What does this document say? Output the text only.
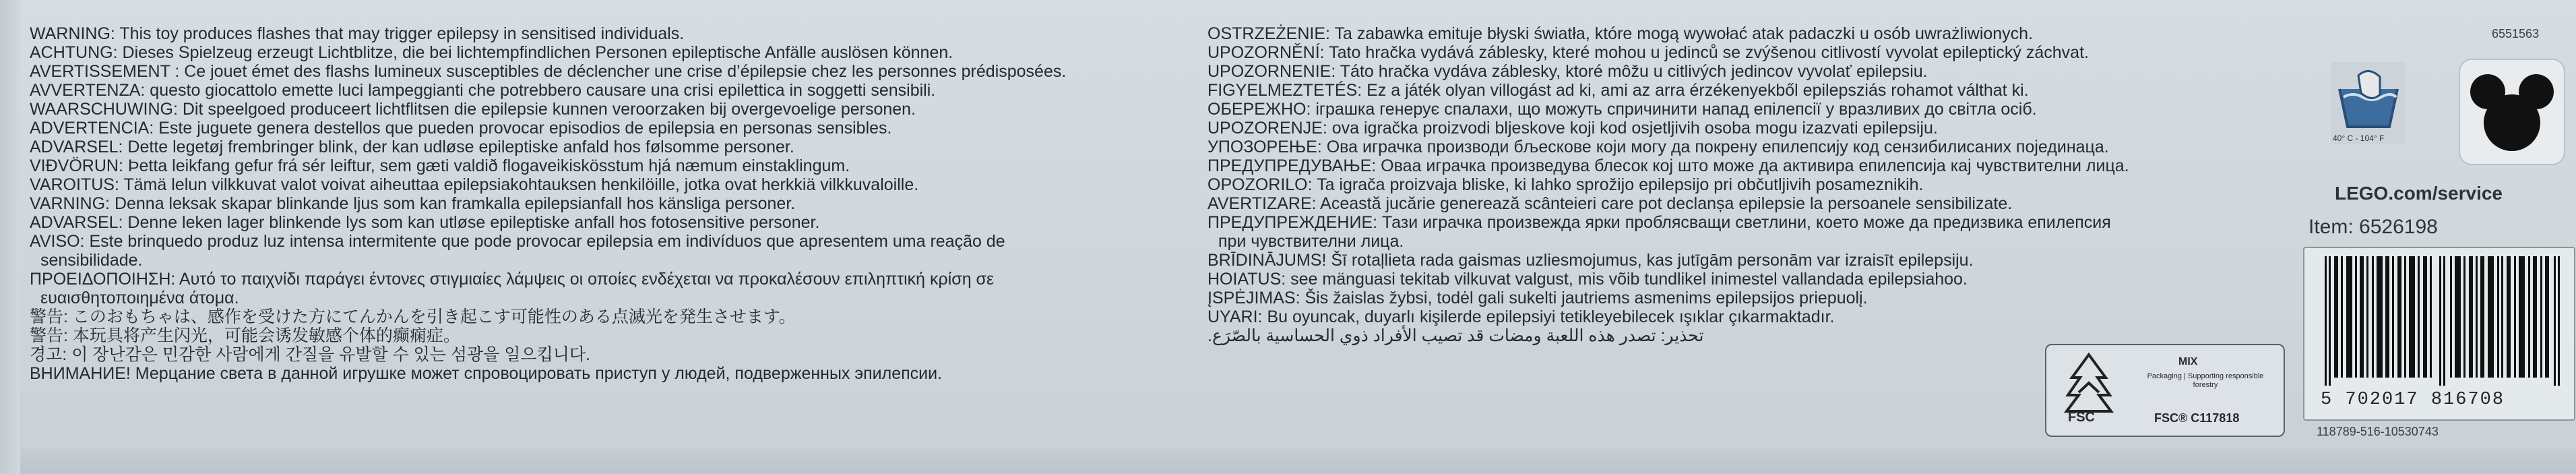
WARNING: This toy produces flashes that may trigger epilepsy in sensitised individuals.
ACHTUNG: Dieses Spielzeug erzeugt Lichtblitze, die bei lichtempfindlichen Personen epileptische Anfälle auslösen können.
AVERTISSEMENT : Ce jouet émet des flashs lumineux susceptibles de déclencher une crise d’épilepsie chez les personnes prédisposées.
AVVERTENZA: questo giocattolo emette luci lampeggianti che potrebbero causare una crisi epilettica in soggetti sensibili.
WAARSCHUWING: Dit speelgoed produceert lichtflitsen die epilepsie kunnen veroorzaken bij overgevoelige personen.
ADVERTENCIA: Este juguete genera destellos que pueden provocar episodios de epilepsia en personas sensibles.
ADVARSEL: Dette legetøj frembringer blink, der kan udløse epileptiske anfald hos følsomme personer.
VIÐVÖRUN: Þetta leikfang gefur frá sér leiftur, sem gæti valdið flogaveikiskösstum hjá næmum einstaklingum.
VAROITUS: Tämä lelun vilkkuvat valot voivat aiheuttaa epilepsiakohtauksen henkilöille, jotka ovat herkkiä vilkkuvaloille.
VARNING: Denna leksak skapar blinkande ljus som kan framkalla epilepsianfall hos känsliga personer.
ADVARSEL: Denne leken lager blinkende lys som kan utløse epileptiske anfall hos fotosensitive personer.
AVISO: Este brinquedo produz luz intensa intermitente que pode provocar epilepsia em indivíduos que apresentem uma reação de
sensibilidade.
ΠΡΟΕΙΔΟΠΟΙΗΣΗ: Αυτό το παιχνίδι παράγει έντονες στιγμιαίες λάμψεις οι οποίες ενδέχεται να προκαλέσουν επιληπτική κρίση σε
ευαισθητοποιημένα άτομα.
警告: このおもちゃは、感作を受けた方にてんかんを引き起こす可能性のある点滅光を発生させます。
警告: 本玩具将产生闪光，可能会诱发敏感个体的癫痫症。
경고: 이 장난감은 민감한 사람에게 간질을 유발할 수 있는 섬광을 일으킵니다.
ВНИМАНИЕ! Мерцание света в данной игрушке может спровоцировать приступ у людей, подверженных эпилепсии.
OSTRZEŻENIE: Ta zabawka emituje błyski światła, które mogą wywołać atak padaczki u osób uwrażliwionych.
UPOZORNĚNÍ: Tato hračka vydává záblesky, které mohou u jedinců se zvýšenou citlivostí vyvolat epileptický záchvat.
UPOZORNENIE: Táto hračka vydáva záblesky, ktoré môžu u citlivých jedincov vyvolať epilepsiu.
FIGYELMEZTETÉS: Ez a játék olyan villogást ad ki, ami az arra érzékenyekből epilepsziás rohamot válthat ki.
ОБЕРЕЖНО: іграшка генерує спалахи, що можуть спричинити напад епілепсії у вразливих до світла осіб.
UPOZORENJE: ova igračka proizvodi bljeskove koji kod osjetljivih osoba mogu izazvati epilepsiju.
УПОЗОРЕЊЕ: Ова играчка производи бљескове који могу да покрену епилепсију код сензибилисаних појединаца.
ПРЕДУПРЕДУВАЊЕ: Оваа играчка произведува блесок кој што може да активира епилепсија кај чувствителни лица.
OPOZORILO: Ta igrača proizvaja bliske, ki lahko sprožijo epilepsijo pri občutljivih posameznikih.
AVERTIZARE: Această jucărie generează scânteieri care pot declanșa epilepsie la persoanele sensibilizate.
ПРЕДУПРЕЖДЕНИЕ: Тази играчка произвежда ярки проблясващи светлини, което може да предизвика епилепсия
при чувствителни лица.
BRĪDINĀJUMS! Šī rotaļlieta rada gaismas uzliesmojumus, kas jutīgām personām var izraisīt epilepsiju.
HOIATUS: see mänguasi tekitab vilkuvat valgust, mis võib tundlikel inimestel vallandada epilepsiahoo.
ĮSPĖJIMAS: Šis žaislas žybsi, todėl gali sukelti jautriems asmenims epilepsijos priepuolį.
UYARI: Bu oyuncak, duyarlı kişilerde epilepsiyi tetikleyebilecek ışıklar çıkarmaktadır.
تحذير: تصدر هذه اللعبة ومضات قد تصيب الأفراد ذوي الحساسية بالصّرَع.
6551563
40° C - 104° F
LEGO.com/service
Item: 6526198
5 702017 816708
118789-516-10530743
FSC
MIX
Packaging | Supporting responsible forestry
FSC® C117818
